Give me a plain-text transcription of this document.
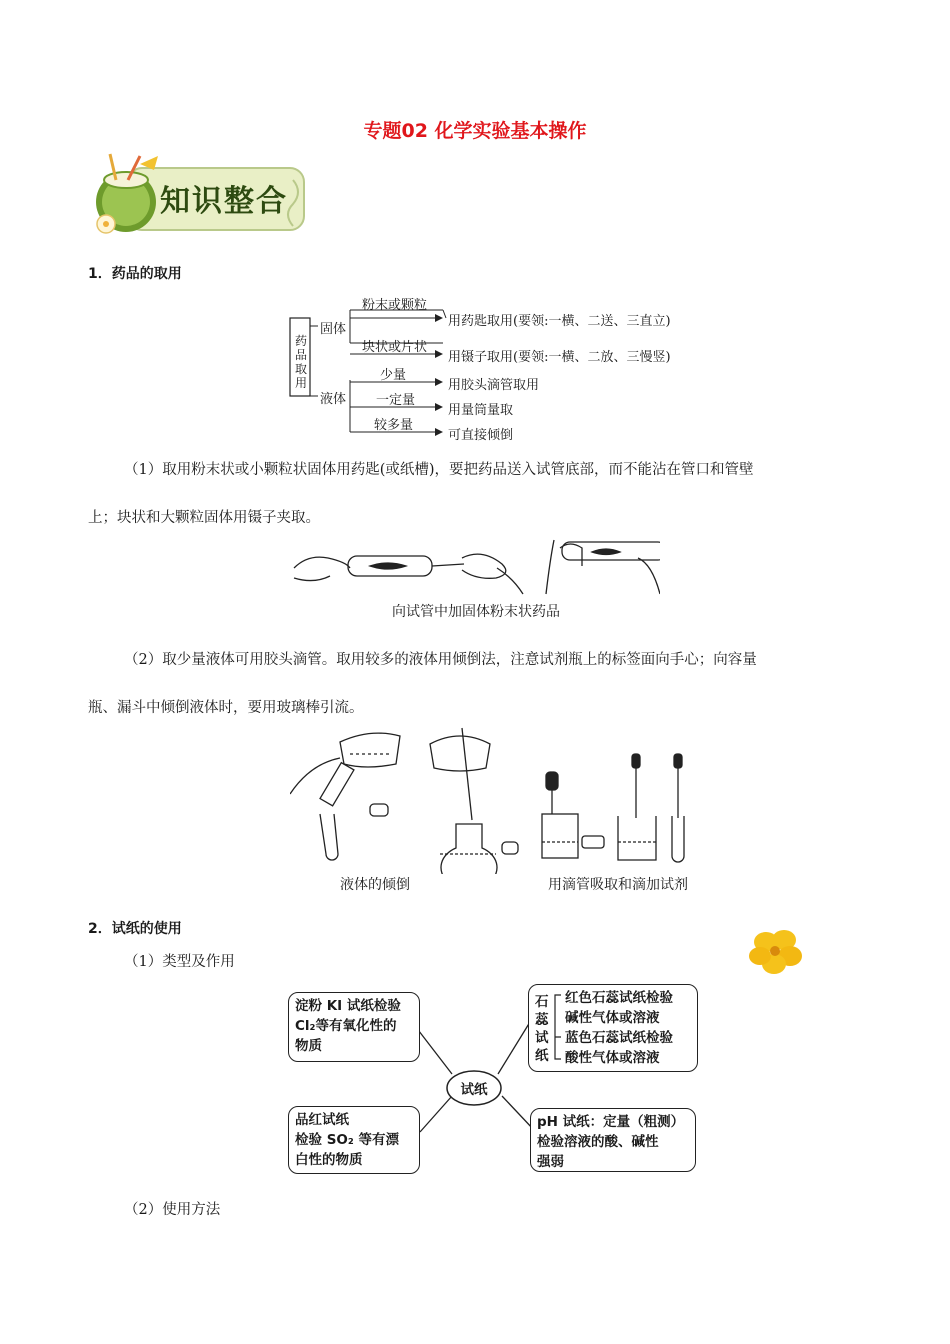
专题02 化学实验基本操作
知识整合
1．药品的取用
药品取用
固体
液体
粉末或颗粒
用药匙取用(要领:一横、二送、三直立)
块状或片状
用镊子取用(要领:一横、二放、三慢竖)
少量
用胶头滴管取用
一定量
用量筒量取
较多量
可直接倾倒
（1）取用粉末状或小颗粒状固体用药匙(或纸槽)，要把药品送入试管底部，而不能沾在管口和管壁
上；块状和大颗粒固体用镊子夹取。
向试管中加固体粉末状药品
（2）取少量液体可用胶头滴管。取用较多的液体用倾倒法，注意试剂瓶上的标签面向手心；向容量
瓶、漏斗中倾倒液体时，要用玻璃棒引流。
液体的倾倒	用滴管吸取和滴加试剂
2．试纸的使用
（1）类型及作用
试纸
淀粉 KI 试纸检验
Cl₂等有氧化性的
物质
品红试纸
检验 SO₂ 等有漂
白性的物质
石蕊试纸
红色石蕊试纸检验
碱性气体或溶液
蓝色石蕊试纸检验
酸性气体或溶液
pH 试纸：定量（粗测）
检验溶液的酸、碱性
强弱
（2）使用方法
